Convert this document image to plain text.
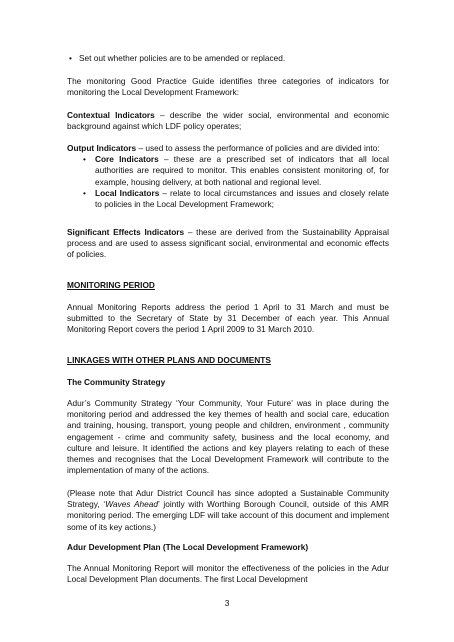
• Set out whether policies are to be amended or replaced.

The monitoring Good Practice Guide identifies three categories of indicators for monitoring the Local Development Framework:

Contextual Indicators – describe the wider social, environmental and economic background against which LDF policy operates;

Output Indicators – used to assess the performance of policies and are divided into:

• Core Indicators – these are a prescribed set of indicators that all local authorities are required to monitor. This enables consistent monitoring of, for example, housing delivery, at both national and regional level.
• Local Indicators – relate to local circumstances and issues and closely relate to policies in the Local Development Framework;

Significant Effects Indicators – these are derived from the Sustainability Appraisal process and are used to assess significant social, environmental and economic effects of policies.

MONITORING PERIOD

Annual Monitoring Reports address the period 1 April to 31 March and must be submitted to the Secretary of State by 31 December of each year. This Annual Monitoring Report covers the period 1 April 2009 to 31 March 2010.

LINKAGES WITH OTHER PLANS AND DOCUMENTS
The Community Strategy

Adur’s Community Strategy ‘Your Community, Your Future’ was in place during the monitoring period and addressed the key themes of health and social care, education and training, housing, transport, young people and children, environment , community engagement - crime and community safety, business and the local economy, and culture and leisure. It identified the actions and key players relating to each of these themes and recognises that the Local Development Framework will contribute to the implementation of many of the actions.

(Please note that Adur District Council has since adopted a Sustainable Community Strategy, ‘Waves Ahead’ jointly with Worthing Borough Council, outside of this AMR monitoring period. The emerging LDF will take account of this document and implement some of its key actions.)

Adur Development Plan (The Local Development Framework)

The Annual Monitoring Report will monitor the effectiveness of the policies in the Adur Local Development Plan documents. The first Local Development

3
